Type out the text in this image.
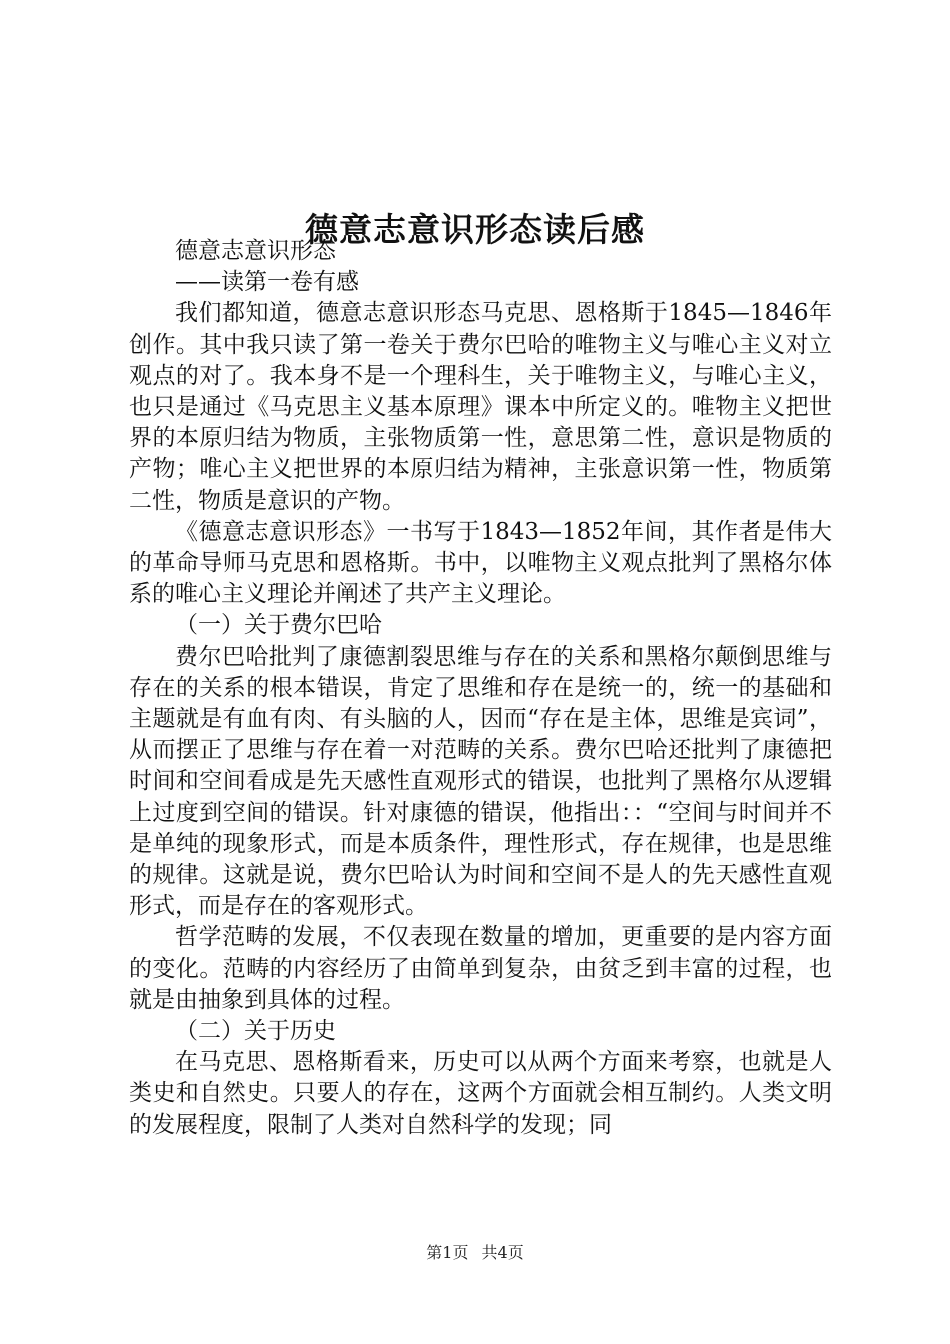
德意志意识形态读后感

德意志意识形态

——读第一卷有感

我们都知道，德意志意识形态马克思、恩格斯于1845—1846年创作。其中我只读了第一卷关于费尔巴哈的唯物主义与唯心主义对立观点的对了。我本身不是一个理科生，关于唯物主义，与唯心主义，也只是通过《马克思主义基本原理》课本中所定义的。唯物主义把世界的本原归结为物质，主张物质第一性，意思第二性，意识是物质的产物；唯心主义把世界的本原归结为精神，主张意识第一性，物质第二性，物质是意识的产物。

《德意志意识形态》一书写于1843—1852年间，其作者是伟大的革命导师马克思和恩格斯。书中，以唯物主义观点批判了黑格尔体系的唯心主义理论并阐述了共产主义理论。

（一）关于费尔巴哈

费尔巴哈批判了康德割裂思维与存在的关系和黑格尔颠倒思维与存在的关系的根本错误，肯定了思维和存在是统一的，统一的基础和主题就是有血有肉、有头脑的人，因而“存在是主体，思维是宾词”，从而摆正了思维与存在着一对范畴的关系。费尔巴哈还批判了康德把时间和空间看成是先天感性直观形式的错误，也批判了黑格尔从逻辑上过度到空间的错误。针对康德的错误，他指出：：“空间与时间并不是单纯的现象形式，而是本质条件，理性形式，存在规律，也是思维的规律。这就是说，费尔巴哈认为时间和空间不是人的先天感性直观形式，而是存在的客观形式。

哲学范畴的发展，不仅表现在数量的增加，更重要的是内容方面的变化。范畴的内容经历了由简单到复杂，由贫乏到丰富的过程，也就是由抽象到具体的过程。

（二）关于历史

在马克思、恩格斯看来，历史可以从两个方面来考察，也就是人类史和自然史。只要人的存在，这两个方面就会相互制约。人类文明的发展程度，限制了人类对自然科学的发现；同

第1页 共4页
